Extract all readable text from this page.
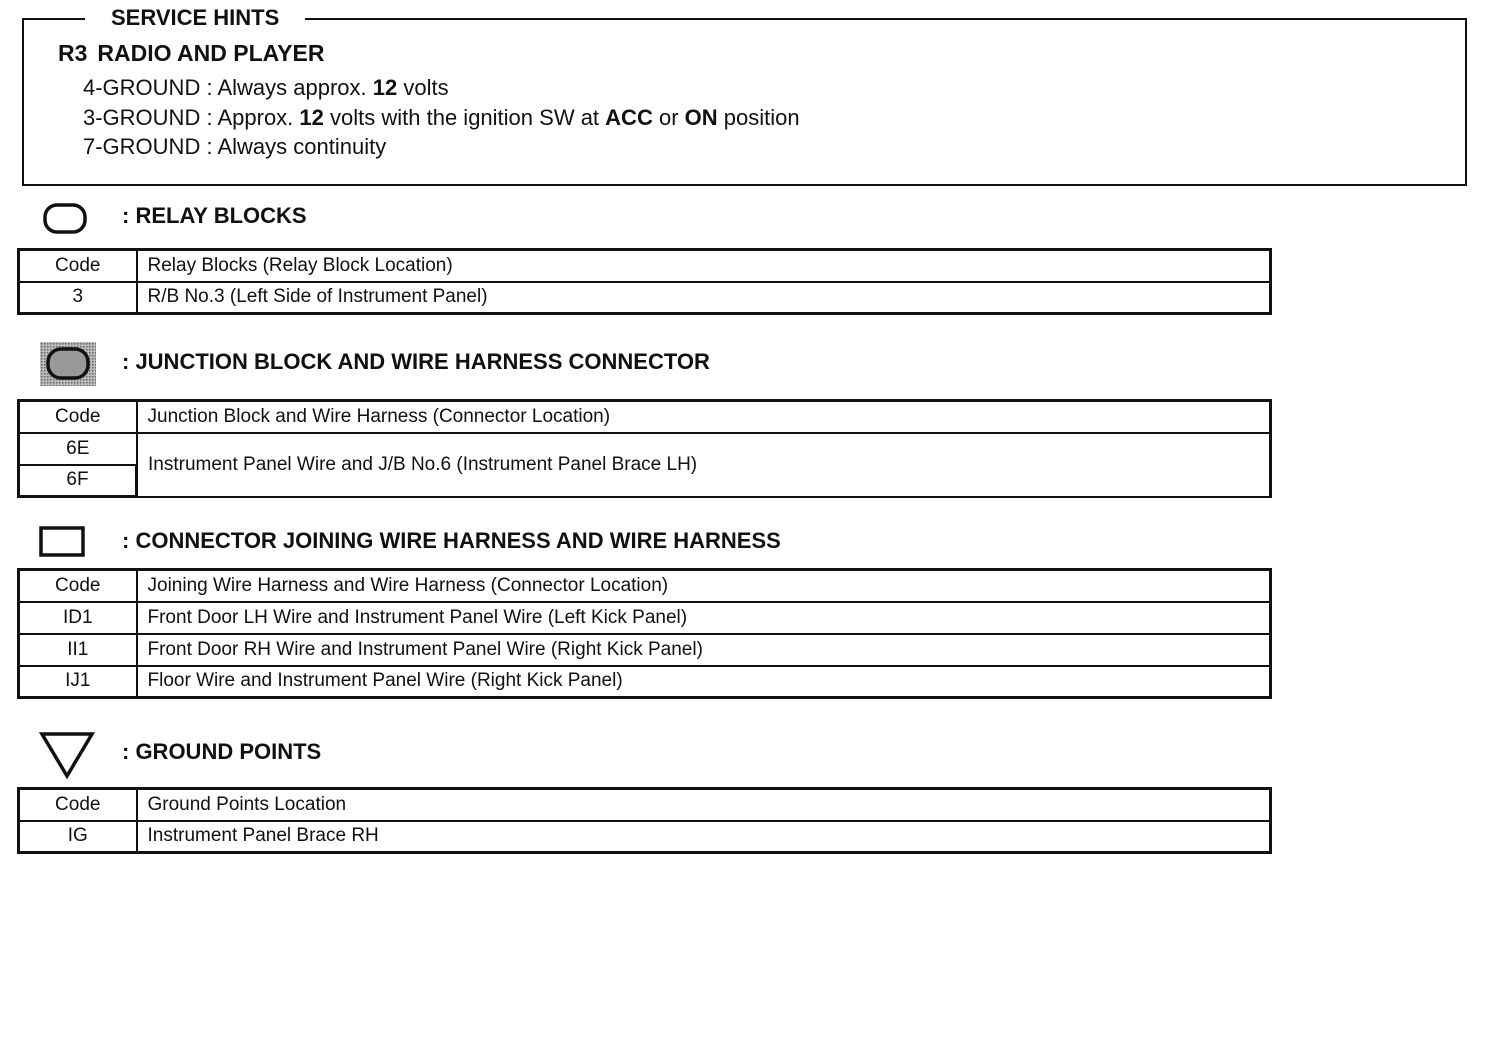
SERVICE HINTS
R3 RADIO AND PLAYER
4-GROUND : Always approx. 12 volts
3-GROUND : Approx. 12 volts with the ignition SW at ACC or ON position
7-GROUND : Always continuity
: RELAY BLOCKS
Code	Relay Blocks (Relay Block Location)
3	R/B No.3 (Left Side of Instrument Panel)
: JUNCTION BLOCK AND WIRE HARNESS CONNECTOR
Code	Junction Block and Wire Harness (Connector Location)
6E	Instrument Panel Wire and J/B No.6 (Instrument Panel Brace LH)
6F	
: CONNECTOR JOINING WIRE HARNESS AND WIRE HARNESS
Code	Joining Wire Harness and Wire Harness (Connector Location)
ID1	Front Door LH Wire and Instrument Panel Wire (Left Kick Panel)
II1	Front Door RH Wire and Instrument Panel Wire (Right Kick Panel)
IJ1	Floor Wire and Instrument Panel Wire (Right Kick Panel)
: GROUND POINTS
Code	Ground Points Location
IG	Instrument Panel Brace RH
